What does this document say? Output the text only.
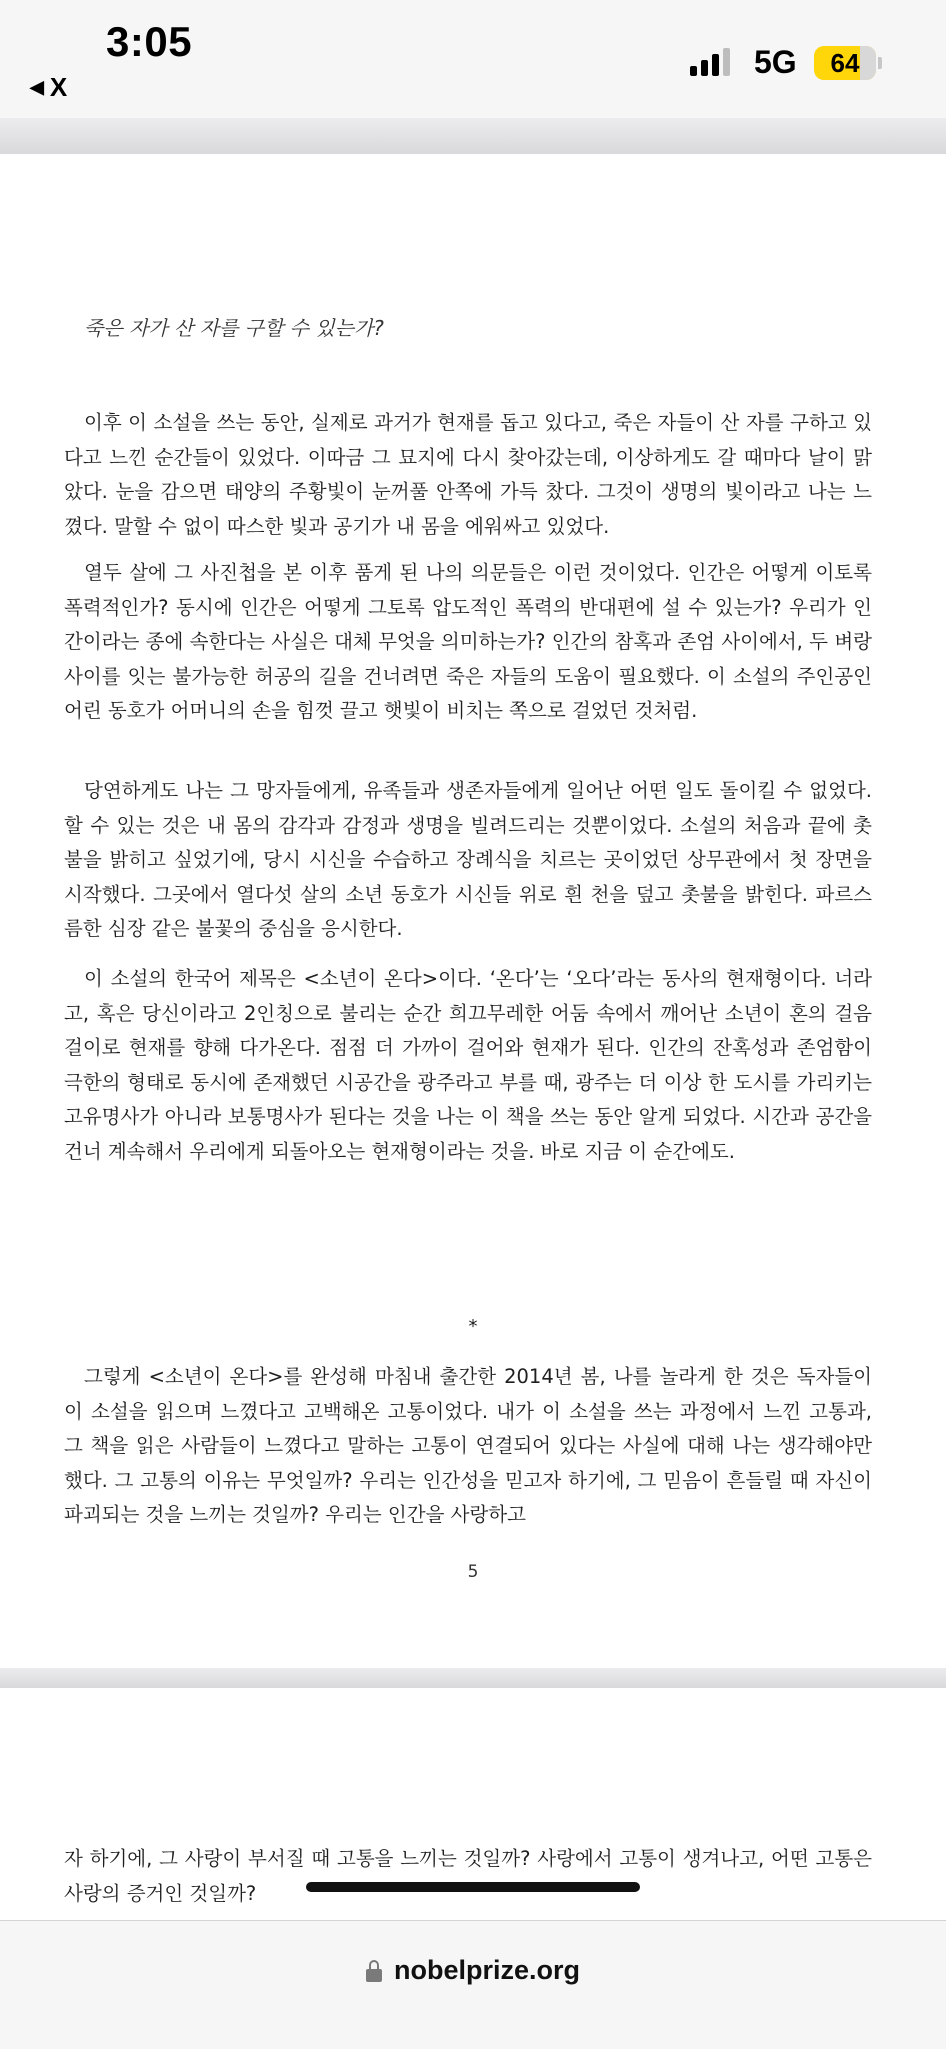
3:05
◀ X
5G 64
죽은 자가 산 자를 구할 수 있는가?

이후 이 소설을 쓰는 동안, 실제로 과거가 현재를 돕고 있다고, 죽은 자들이 산 자를 구하고 있다고 느낀 순간들이 있었다. 이따금 그 묘지에 다시 찾아갔는데, 이상하게도 갈 때마다 날이 맑았다. 눈을 감으면 태양의 주황빛이 눈꺼풀 안쪽에 가득 찼다. 그것이 생명의 빛이라고 나는 느꼈다. 말할 수 없이 따스한 빛과 공기가 내 몸을 에워싸고 있었다.

열두 살에 그 사진첩을 본 이후 품게 된 나의 의문들은 이런 것이었다. 인간은 어떻게 이토록 폭력적인가? 동시에 인간은 어떻게 그토록 압도적인 폭력의 반대편에 설 수 있는가? 우리가 인간이라는 종에 속한다는 사실은 대체 무엇을 의미하는가? 인간의 참혹과 존엄 사이에서, 두 벼랑 사이를 잇는 불가능한 허공의 길을 건너려면 죽은 자들의 도움이 필요했다. 이 소설의 주인공인 어린 동호가 어머니의 손을 힘껏 끌고 햇빛이 비치는 쪽으로 걸었던 것처럼.

당연하게도 나는 그 망자들에게, 유족들과 생존자들에게 일어난 어떤 일도 돌이킬 수 없었다. 할 수 있는 것은 내 몸의 감각과 감정과 생명을 빌려드리는 것뿐이었다. 소설의 처음과 끝에 촛불을 밝히고 싶었기에, 당시 시신을 수습하고 장례식을 치르는 곳이었던 상무관에서 첫 장면을 시작했다. 그곳에서 열다섯 살의 소년 동호가 시신들 위로 흰 천을 덮고 촛불을 밝힌다. 파르스름한 심장 같은 불꽃의 중심을 응시한다.

이 소설의 한국어 제목은 <소년이 온다>이다. ‘온다’는 ‘오다’라는 동사의 현재형이다. 너라고, 혹은 당신이라고 2인칭으로 불리는 순간 희끄무레한 어둠 속에서 깨어난 소년이 혼의 걸음걸이로 현재를 향해 다가온다. 점점 더 가까이 걸어와 현재가 된다. 인간의 잔혹성과 존엄함이 극한의 형태로 동시에 존재했던 시공간을 광주라고 부를 때, 광주는 더 이상 한 도시를 가리키는 고유명사가 아니라 보통명사가 된다는 것을 나는 이 책을 쓰는 동안 알게 되었다. 시간과 공간을 건너 계속해서 우리에게 되돌아오는 현재형이라는 것을. 바로 지금 이 순간에도.

*

그렇게 <소년이 온다>를 완성해 마침내 출간한 2014년 봄, 나를 놀라게 한 것은 독자들이 이 소설을 읽으며 느꼈다고 고백해온 고통이었다. 내가 이 소설을 쓰는 과정에서 느낀 고통과, 그 책을 읽은 사람들이 느꼈다고 말하는 고통이 연결되어 있다는 사실에 대해 나는 생각해야만 했다. 그 고통의 이유는 무엇일까? 우리는 인간성을 믿고자 하기에, 그 믿음이 흔들릴 때 자신이 파괴되는 것을 느끼는 것일까? 우리는 인간을 사랑하고

5

자 하기에, 그 사랑이 부서질 때 고통을 느끼는 것일까? 사랑에서 고통이 생겨나고, 어떤 고통은 사랑의 증거인 것일까?

nobelprize.org
